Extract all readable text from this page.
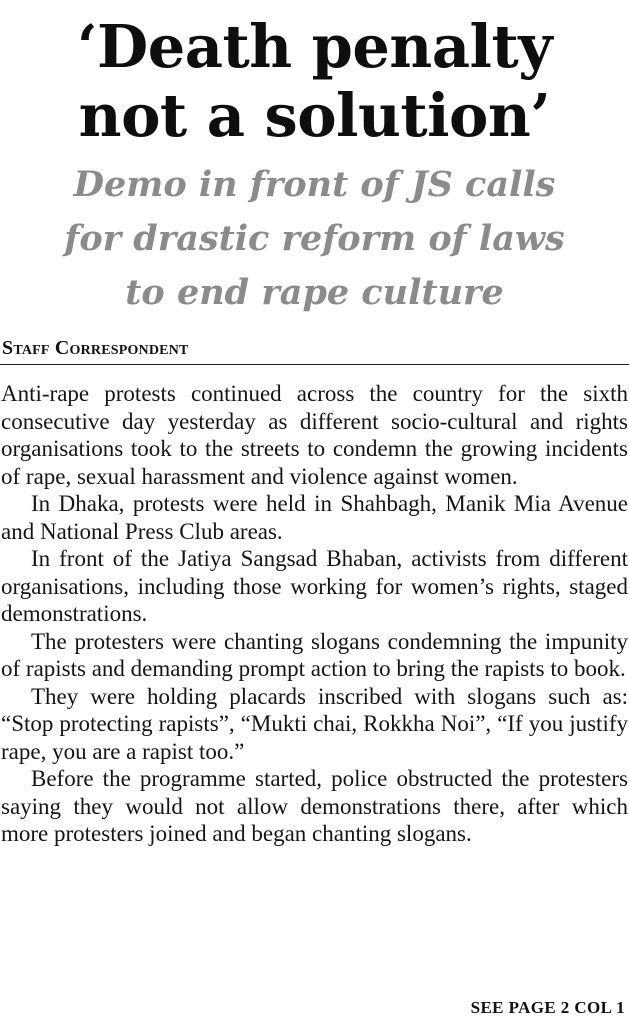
‘Death penalty
not a solution’
Demo in front of JS calls
for drastic reform of laws
to end rape culture
Staff Correspondent

Anti-rape protests continued across the country for the sixth consecutive day yesterday as different socio-cultural and rights organisations took to the streets to condemn the growing incidents of rape, sexual harassment and violence against women.

In Dhaka, protests were held in Shahbagh, Manik Mia Avenue and National Press Club areas.

In front of the Jatiya Sangsad Bhaban, activists from different organisations, including those working for women’s rights, staged demonstrations.

The protesters were chanting slogans condemning the impunity of rapists and demanding prompt action to bring the rapists to book.

They were holding placards inscribed with slogans such as: “Stop protecting rapists”, “Mukti chai, Rokkha Noi”, “If you justify rape, you are a rapist too.”

Before the programme started, police obstructed the protesters saying they would not allow demonstrations there, after which more protesters joined and began chanting slogans.

SEE PAGE 2 COL 1
